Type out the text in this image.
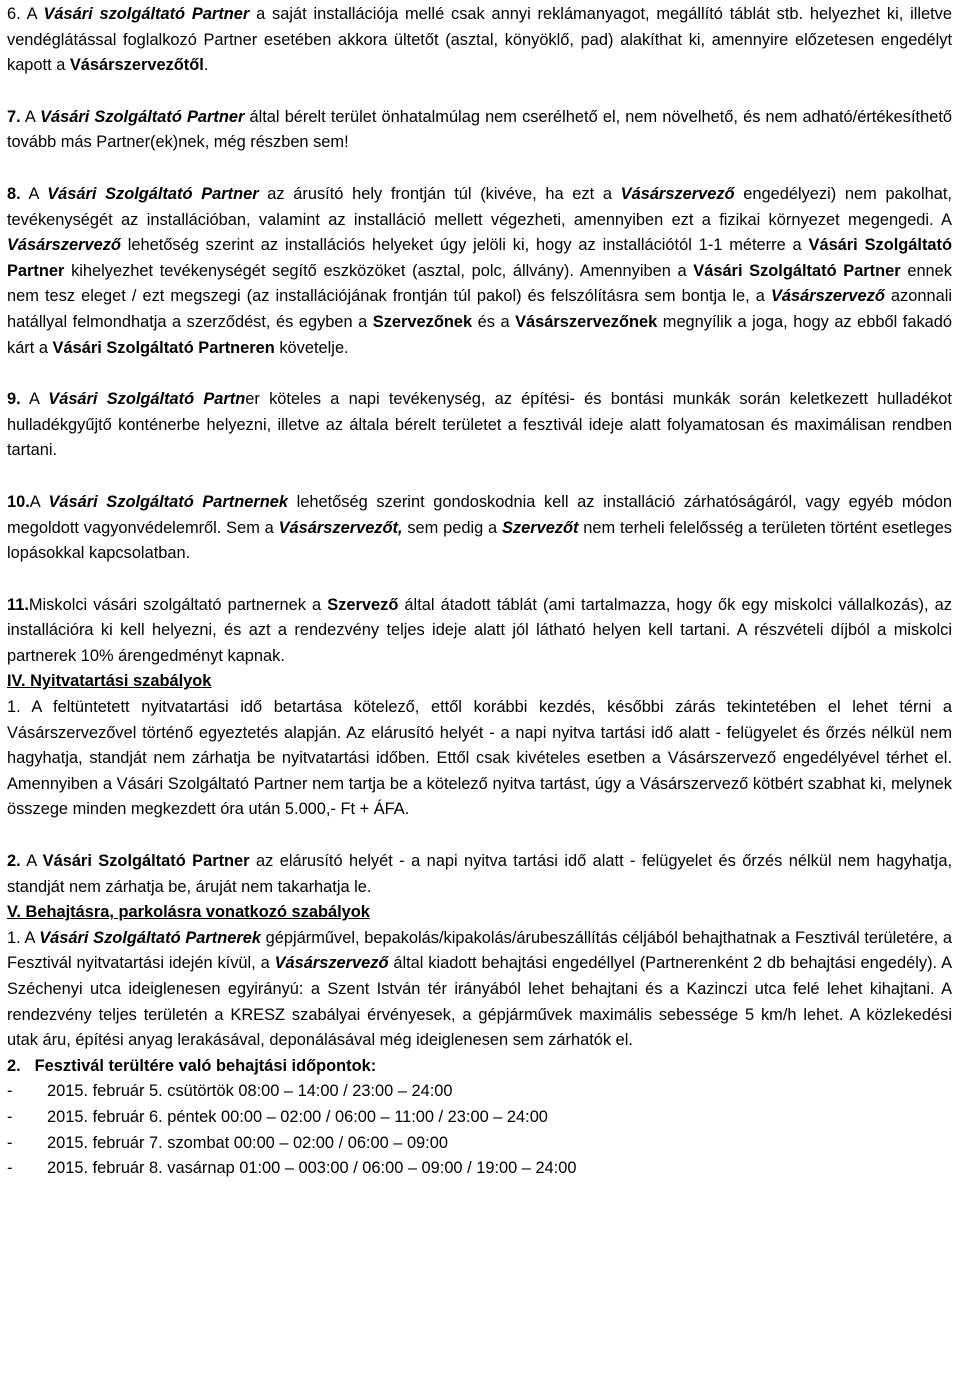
6. A Vásári szolgáltató Partner a saját installációja mellé csak annyi reklámanyagot, megállító táblát stb. helyezhet ki, illetve vendéglátással foglalkozó Partner esetében akkora ültetőt (asztal, könyöklő, pad) alakíthat ki, amennyire előzetesen engedélyt kapott a Vásárszervezőtől.

7. A Vásári Szolgáltató Partner által bérelt terület önhatalmúlag nem cserélhető el, nem növelhető, és nem adható/értékesíthető tovább más Partner(ek)nek, még részben sem!

8. A Vásári Szolgáltató Partner az árusító hely frontján túl (kivéve, ha ezt a Vásárszervező engedélyezi) nem pakolhat, tevékenységét az installációban, valamint az installáció mellett végezheti, amennyiben ezt a fizikai környezet megengedi. A Vásárszervező lehetőség szerint az installációs helyeket úgy jelöli ki, hogy az installációtól 1-1 méterre a Vásári Szolgáltató Partner kihelyezhet tevékenységét segítő eszközöket (asztal, polc, állvány). Amennyiben a Vásári Szolgáltató Partner ennek nem tesz eleget / ezt megszegi (az installációjának frontján túl pakol) és felszólításra sem bontja le, a Vásárszervező azonnali hatállyal felmondhatja a szerződést, és egyben a Szervezőnek és a Vásárszervezőnek megnyílik a joga, hogy az ebből fakadó kárt a Vásári Szolgáltató Partneren követelje.

9. A Vásári Szolgáltató Partner köteles a napi tevékenység, az építési- és bontási munkák során keletkezett hulladékot hulladékgyűjtő konténerbe helyezni, illetve az általa bérelt területet a fesztivál ideje alatt folyamatosan és maximálisan rendben tartani.

10.A Vásári Szolgáltató Partnernek lehetőség szerint gondoskodnia kell az installáció zárhatóságáról, vagy egyéb módon megoldott vagyonvédelemről. Sem a Vásárszervezőt, sem pedig a Szervezőt nem terheli felelősség a területen történt esetleges lopásokkal kapcsolatban.

11.Miskolci vásári szolgáltató partnernek a Szervező által átadott táblát (ami tartalmazza, hogy ők egy miskolci vállalkozás), az installációra ki kell helyezni, és azt a rendezvény teljes ideje alatt jól látható helyen kell tartani. A részvételi díjból a miskolci partnerek 10% árengedményt kapnak.

IV. Nyitvatartási szabályok

1. A feltüntetett nyitvatartási idő betartása kötelező, ettől korábbi kezdés, későbbi zárás tekintetében el lehet térni a Vásárszervezővel történő egyeztetés alapján. Az elárusító helyét - a napi nyitva tartási idő alatt - felügyelet és őrzés nélkül nem hagyhatja, standját nem zárhatja be nyitvatartási időben. Ettől csak kivételes esetben a Vásárszervező engedélyével térhet el. Amennyiben a Vásári Szolgáltató Partner nem tartja be a kötelező nyitva tartást, úgy a Vásárszervező kötbért szabhat ki, melynek összege minden megkezdett óra után 5.000,- Ft + ÁFA.

2. A Vásári Szolgáltató Partner az elárusító helyét - a napi nyitva tartási idő alatt - felügyelet és őrzés nélkül nem hagyhatja, standját nem zárhatja be, áruját nem takarhatja le.

V. Behajtásra, parkolásra vonatkozó szabályok

1. A Vásári Szolgáltató Partnerek gépjárművel, bepakolás/kipakolás/árubeszállítás céljából behajthatnak a Fesztivál területére, a Fesztivál nyitvatartási idején kívül, a Vásárszervező által kiadott behajtási engedéllyel (Partnerenként 2 db behajtási engedély). A Széchenyi utca ideiglenesen egyirányú: a Szent István tér irányából lehet behajtani és a Kazinczi utca felé lehet kihajtani. A rendezvény teljes területén a KRESZ szabályai érvényesek, a gépjárművek maximális sebessége 5 km/h lehet. A közlekedési utak áru, építési anyag lerakásával, deponálásával még ideiglenesen sem zárhatók el.

2. Fesztivál terültére való behajtási időpontok:

-	2015. február 5. csütörtök 08:00 – 14:00 / 23:00 – 24:00
-	2015. február 6. péntek 00:00 – 02:00 / 06:00 – 11:00 / 23:00 – 24:00
-	2015. február 7. szombat 00:00 – 02:00 / 06:00 – 09:00
-	2015. február 8. vasárnap 01:00 – 003:00 / 06:00 – 09:00 / 19:00 – 24:00
